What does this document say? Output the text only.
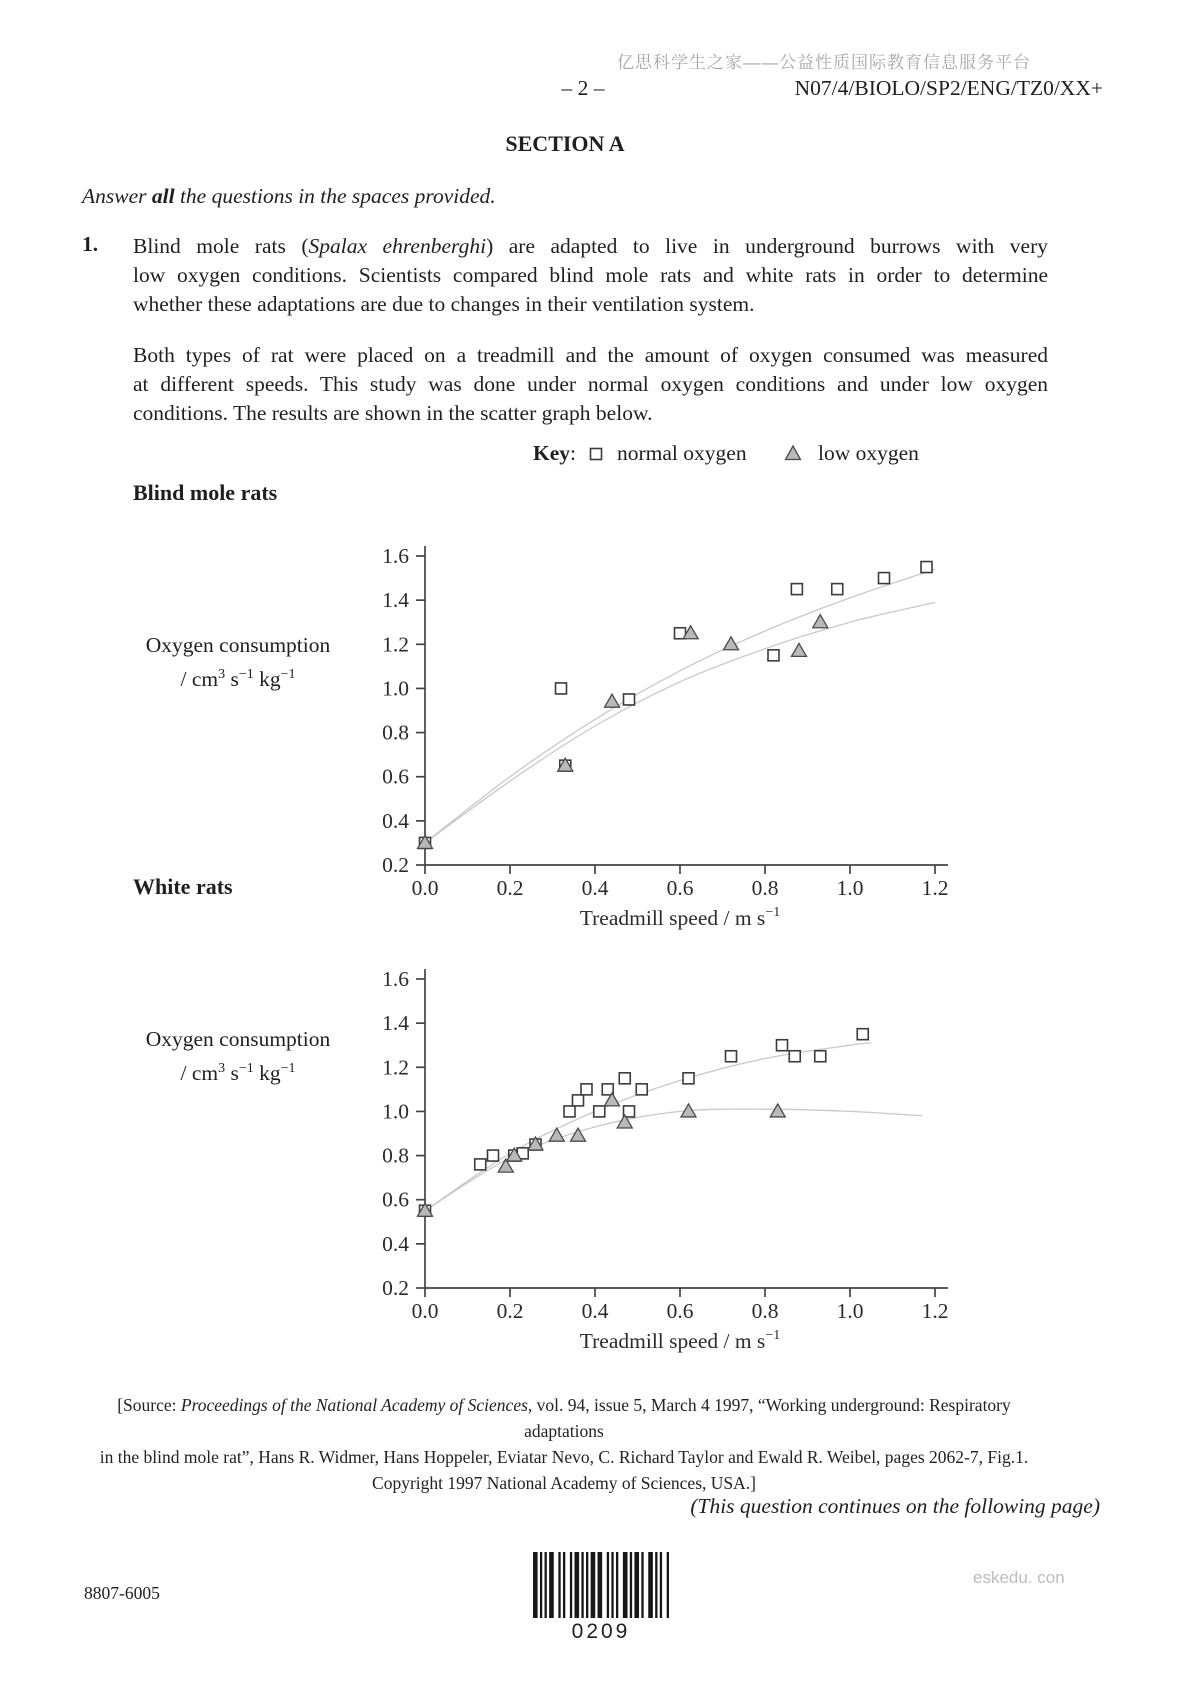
亿思科学生之家——公益性质国际教育信息服务平台
– 2 –	N07/4/BIOLO/SP2/ENG/TZ0/XX+
SECTION A
Answer all the questions in the spaces provided.
1. Blind mole rats (Spalax ehrenberghi) are adapted to live in underground burrows with very
low oxygen conditions. Scientists compared blind mole rats and white rats in order to determine
whether these adaptations are due to changes in their ventilation system.
Both types of rat were placed on a treadmill and the amount of oxygen consumed was measured
at different speeds. This study was done under normal oxygen conditions and under low oxygen
conditions. The results are shown in the scatter graph below.
Key: normal oxygen	low oxygen
Blind mole rats
Oxygen consumption
/ $cm^3$ $s^{-1}$ $kg^{-1}$
0.0	0.2	0.4	0.6	0.8	1.0	1.2
0.2
0.4
0.6
0.8
1.0
1.2
1.4
1.6
Treadmill speed / m $s^{-1}$
White rats
Oxygen consumption
/ $cm^3$ $s^{-1}$ $kg^{-1}$
0.0	0.2	0.4	0.6	0.8	1.0	1.2
0.2
0.4
0.6
0.8
1.0
1.2
1.4
1.6
Treadmill speed / m $s^{-1}$
[Source: Proceedings of the National Academy of Sciences, vol. 94, issue 5, March 4 1997, “Working underground: Respiratory adaptations
in the blind mole rat”, Hans R. Widmer, Hans Hoppeler, Eviatar Nevo, C. Richard Taylor and Ewald R. Weibel, pages 2062-7, Fig.1.
Copyright 1997 National Academy of Sciences, USA.]
(This question continues on the following page)
8807-6005
0209
eskedu. con
